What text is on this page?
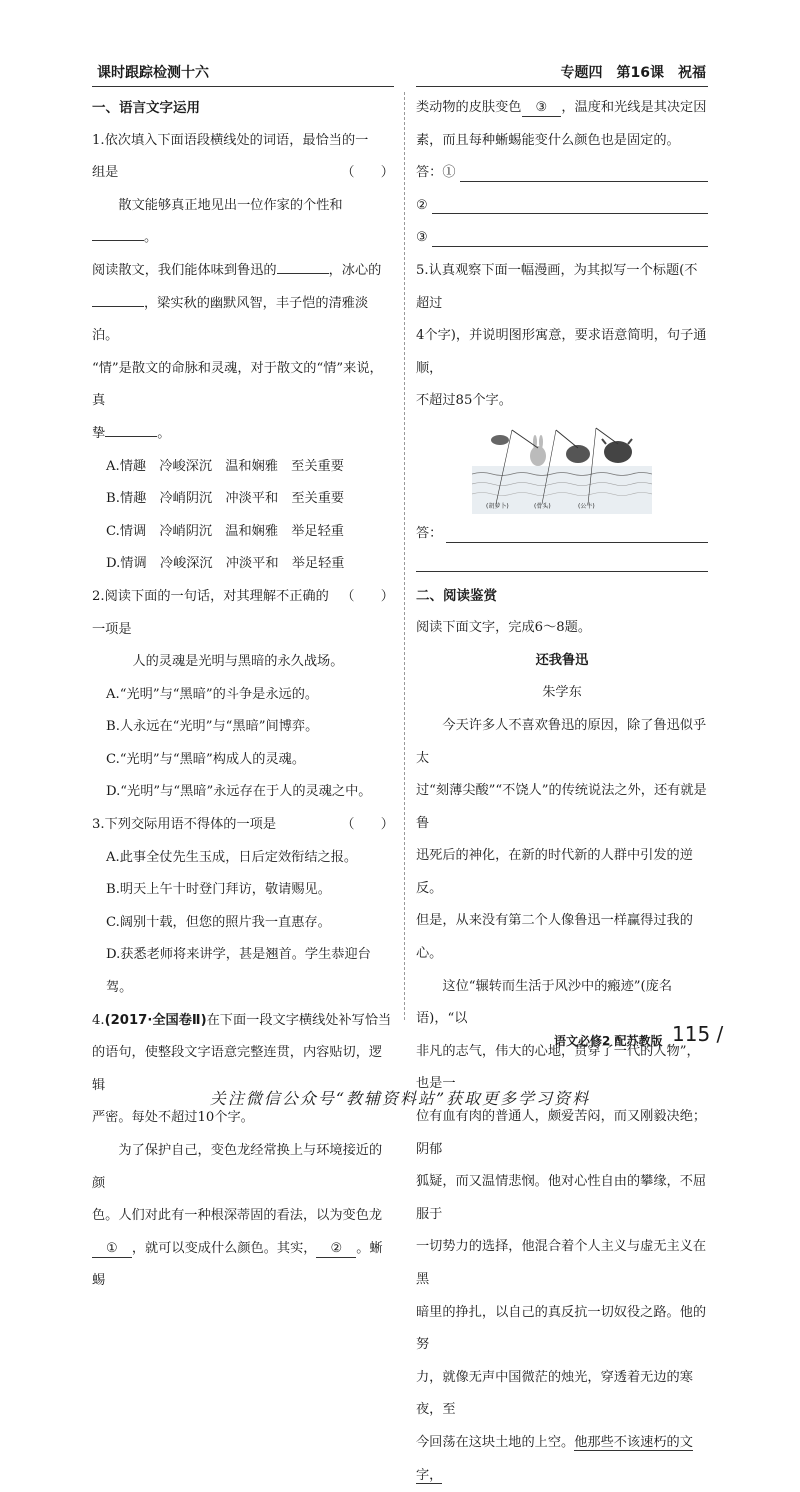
课时跟踪检测十六	专题四　第16课　祝福

一、语言文字运用

1.依次填入下面语段横线处的词语，最恰当的一

组是	（　　）

散文能够真正地见出一位作家的个性和。

阅读散文，我们能体味到鲁迅的	，冰心的

，梁实秋的幽默风智，丰子恺的清雅淡泊。

“情”是散文的命脉和灵魂，对于散文的“情”来说，真

挚	。

A.情趣　冷峻深沉　温和娴雅　至关重要

B.情趣　冷峭阴沉　冲淡平和　至关重要

C.情调　冷峭阴沉　温和娴雅　举足轻重

D.情调　冷峻深沉　冲淡平和　举足轻重

2.阅读下面的一句话，对其理解不正确的一项是
（　　）

人的灵魂是光明与黑暗的永久战场。

A.“光明”与“黑暗”的斗争是永远的。

B.人永远在“光明”与“黑暗”间博弈。

C.“光明”与“黑暗”构成人的灵魂。

D.“光明”与“黑暗”永远存在于人的灵魂之中。

3.下列交际用语不得体的一项是	（　　）

A.此事全仗先生玉成，日后定效衔结之报。

B.明天上午十时登门拜访，敬请赐见。

C.阔别十载，但您的照片我一直惠存。

D.获悉老师将来讲学，甚是翘首。学生恭迎台驾。

4.(2017·全国卷Ⅱ)在下面一段文字横线处补写恰当

的语句，使整段文字语意完整连贯，内容贴切，逻辑

严密。每处不超过10个字。

为了保护自己，变色龙经常换上与环境接近的颜

色。人们对此有一种根深蒂固的看法，以为变色龙

① ，就可以变成什么颜色。其实， ② 。蜥蜴

类动物的皮肤变色 ③ ，温度和光线是其决定因

素，而且每种蜥蜴能变什么颜色也是固定的。

答：①
②
③

5.认真观察下面一幅漫画，为其拟写一个标题(不超过

4个字)，并说明图形寓意，要求语意简明，句子通顺，

不超过85个字。

(胡萝卜)	(骨头)	(公牛)
答：

二、阅读鉴赏

阅读下面文字，完成6～8题。

还我鲁迅

朱学东

今天许多人不喜欢鲁迅的原因，除了鲁迅似乎太

过“刻薄尖酸”“不饶人”的传统说法之外，还有就是鲁

迅死后的神化，在新的时代新的人群中引发的逆反。

但是，从来没有第二个人像鲁迅一样赢得过我的心。

这位“辗转而生活于风沙中的瘢迹”(庞名语)，“以

非凡的志气，伟大的心地，贯穿了一代的人物”，也是一

位有血有肉的普通人，颇爱苦闷，而又刚毅决绝；阴郁

狐疑，而又温情悲悯。他对心性自由的攀缘，不屈服于

一切势力的选择，他混合着个人主义与虚无主义在黑

暗里的挣扎，以自己的真反抗一切奴役之路。他的努

力，就像无声中国微茫的烛光，穿透着无边的寒夜，至

今回荡在这块土地的上空。他那些不该速朽的文字，

语文必修2 配苏教版 115 /
关注微信公众号“教辅资料站”获取更多学习资料
